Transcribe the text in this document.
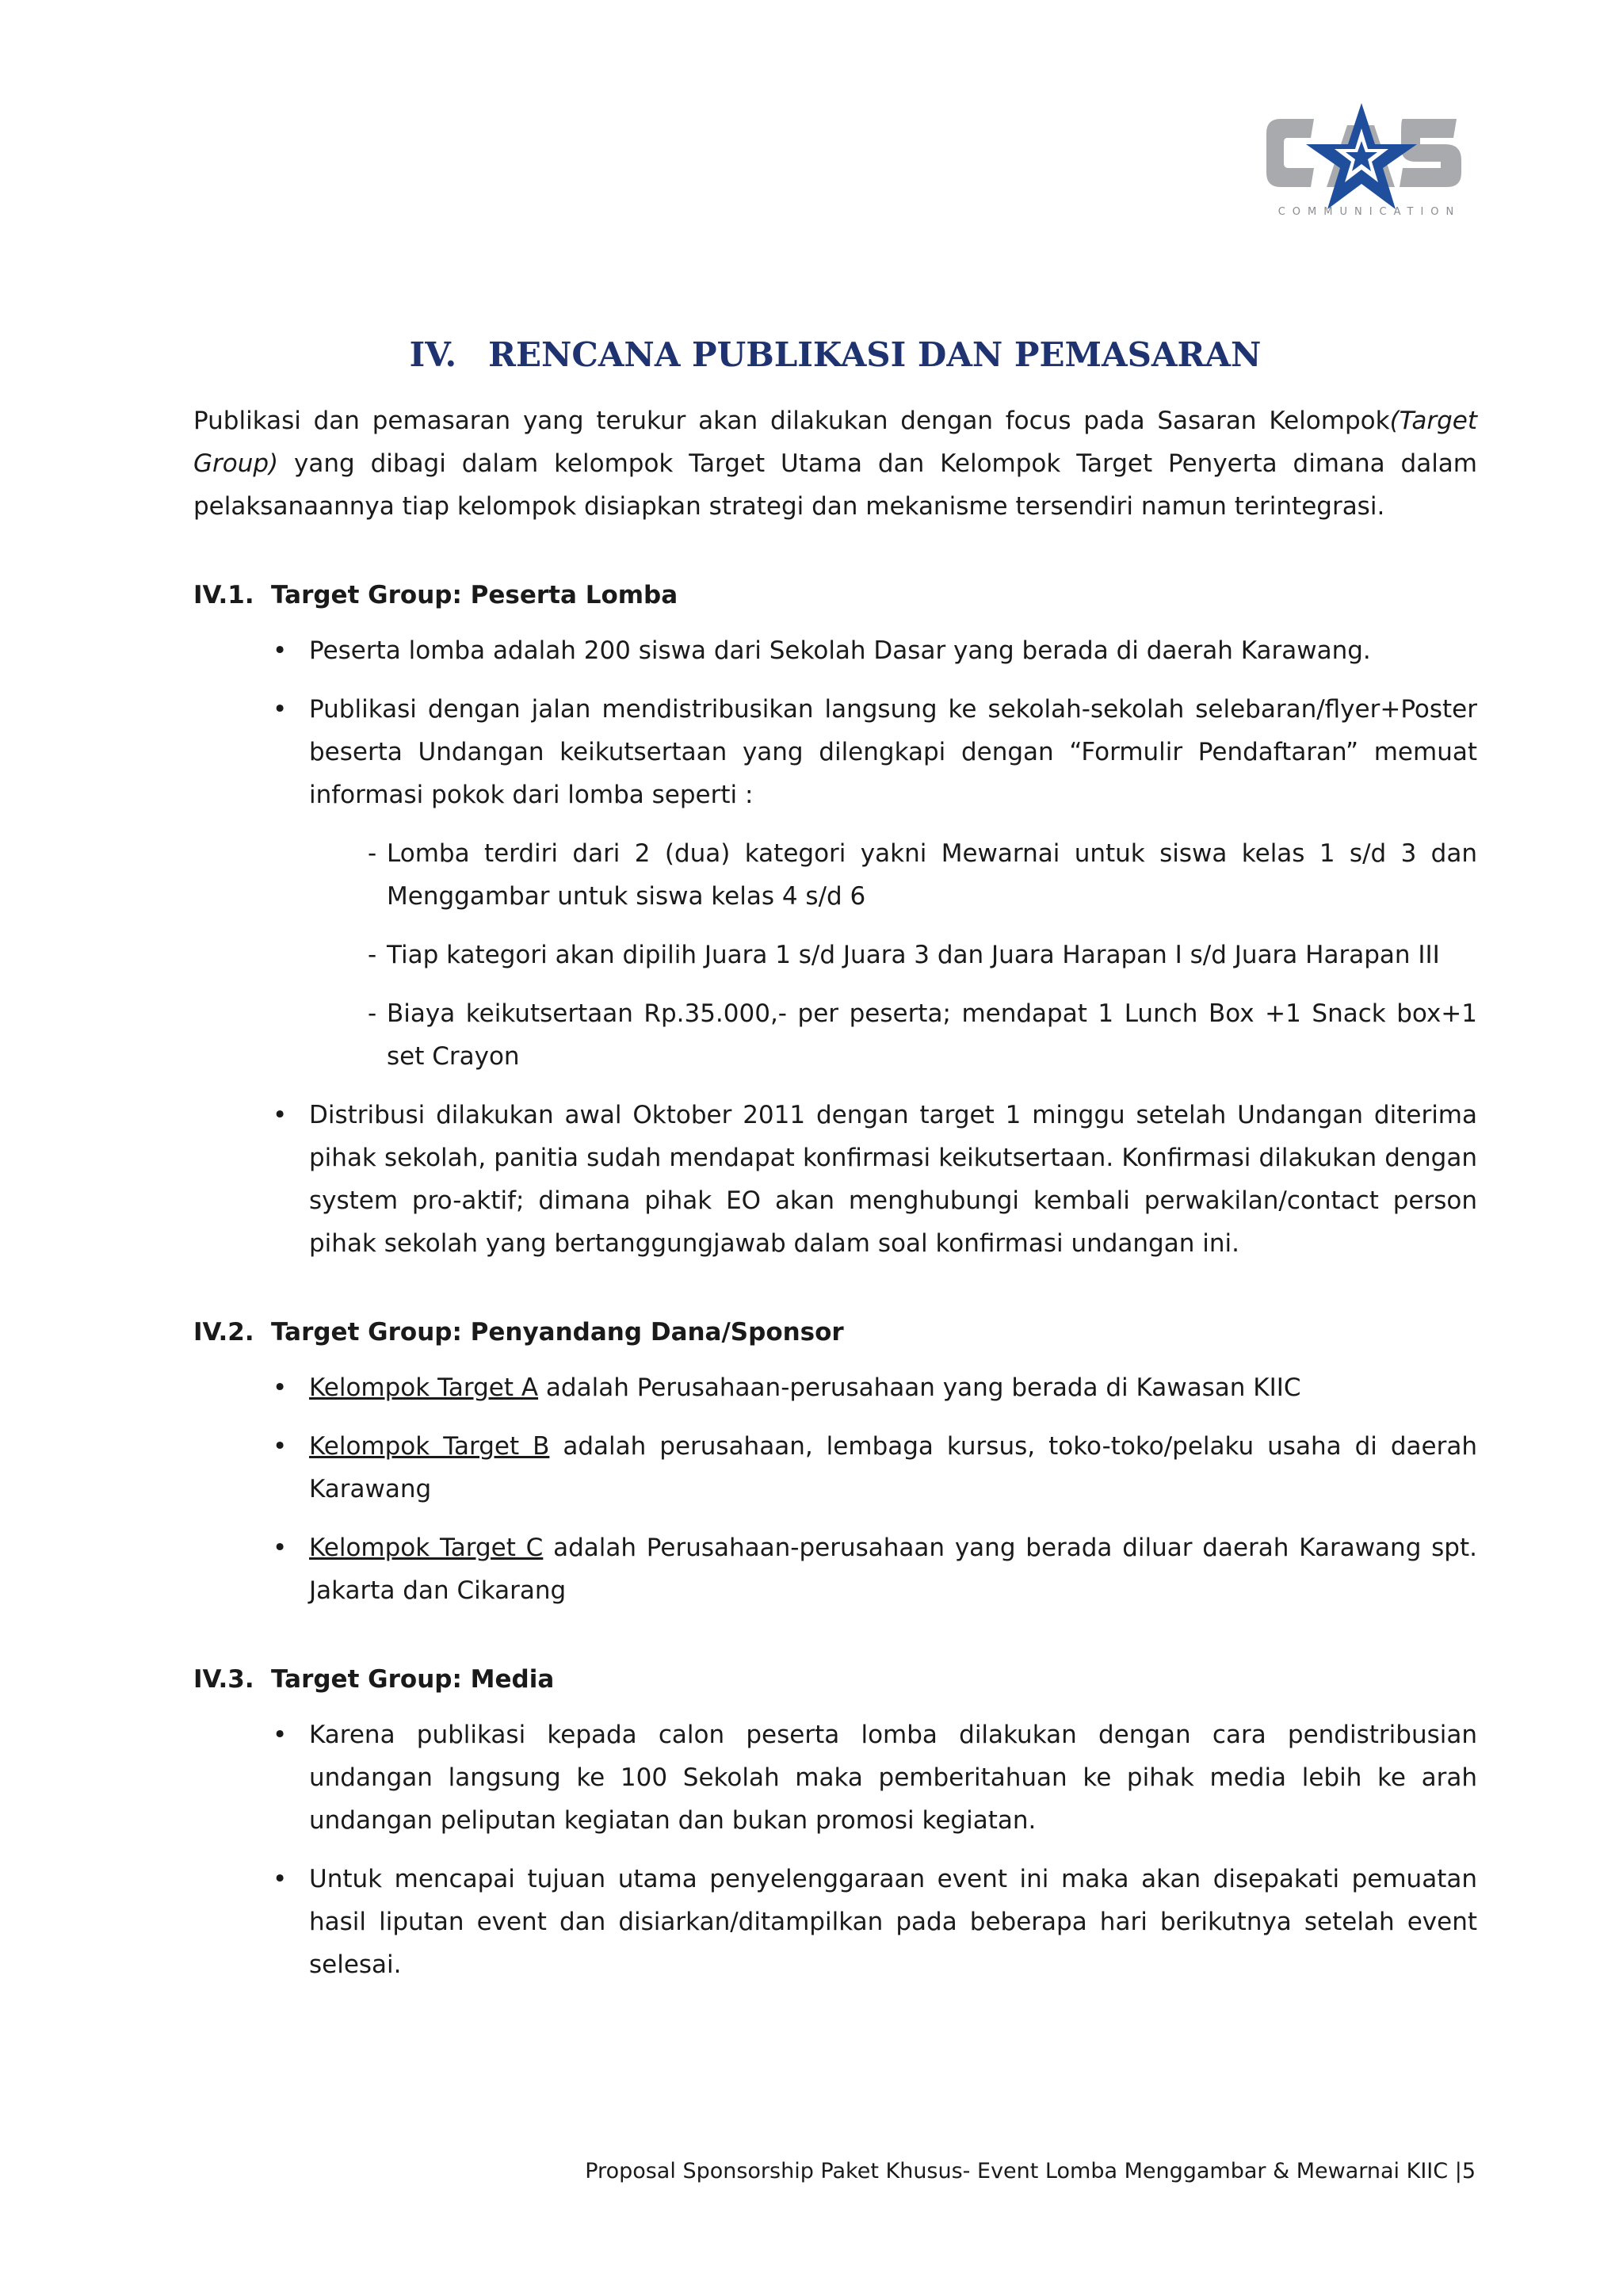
COMMUNICATION
IV. RENCANA PUBLIKASI DAN PEMASARAN

Publikasi dan pemasaran yang terukur akan dilakukan dengan focus pada Sasaran Kelompok(Target Group) yang dibagi dalam kelompok Target Utama dan Kelompok Target Penyerta dimana dalam pelaksanaannya tiap kelompok disiapkan strategi dan mekanisme tersendiri namun terintegrasi.

IV.1. Target Group: Peserta Lomba
• Peserta lomba adalah 200 siswa dari Sekolah Dasar yang berada di daerah Karawang.
• Publikasi dengan jalan mendistribusikan langsung ke sekolah-sekolah selebaran/flyer+Poster beserta Undangan keikutsertaan yang dilengkapi dengan “Formulir Pendaftaran” memuat informasi pokok dari lomba seperti :
- Lomba terdiri dari 2 (dua) kategori yakni Mewarnai untuk siswa kelas 1 s/d 3 dan Menggambar untuk siswa kelas 4 s/d 6
- Tiap kategori akan dipilih Juara 1 s/d Juara 3 dan Juara Harapan I s/d Juara Harapan III
- Biaya keikutsertaan Rp.35.000,- per peserta; mendapat 1 Lunch Box +1 Snack box+1 set Crayon
• Distribusi dilakukan awal Oktober 2011 dengan target 1 minggu setelah Undangan diterima pihak sekolah, panitia sudah mendapat konfirmasi keikutsertaan. Konfirmasi dilakukan dengan system pro-aktif; dimana pihak EO akan menghubungi kembali perwakilan/contact person pihak sekolah yang bertanggungjawab dalam soal konfirmasi undangan ini.
IV.2. Target Group: Penyandang Dana/Sponsor
• Kelompok Target A adalah Perusahaan-perusahaan yang berada di Kawasan KIIC
• Kelompok Target B adalah perusahaan, lembaga kursus, toko-toko/pelaku usaha di daerah Karawang
• Kelompok Target C adalah Perusahaan-perusahaan yang berada diluar daerah Karawang spt. Jakarta dan Cikarang
IV.3. Target Group: Media
• Karena publikasi kepada calon peserta lomba dilakukan dengan cara pendistribusian undangan langsung ke 100 Sekolah maka pemberitahuan ke pihak media lebih ke arah undangan peliputan kegiatan dan bukan promosi kegiatan.
• Untuk mencapai tujuan utama penyelenggaraan event ini maka akan disepakati pemuatan hasil liputan event dan disiarkan/ditampilkan pada beberapa hari berikutnya setelah event selesai.
Proposal Sponsorship Paket Khusus- Event Lomba Menggambar & Mewarnai KIIC |5
